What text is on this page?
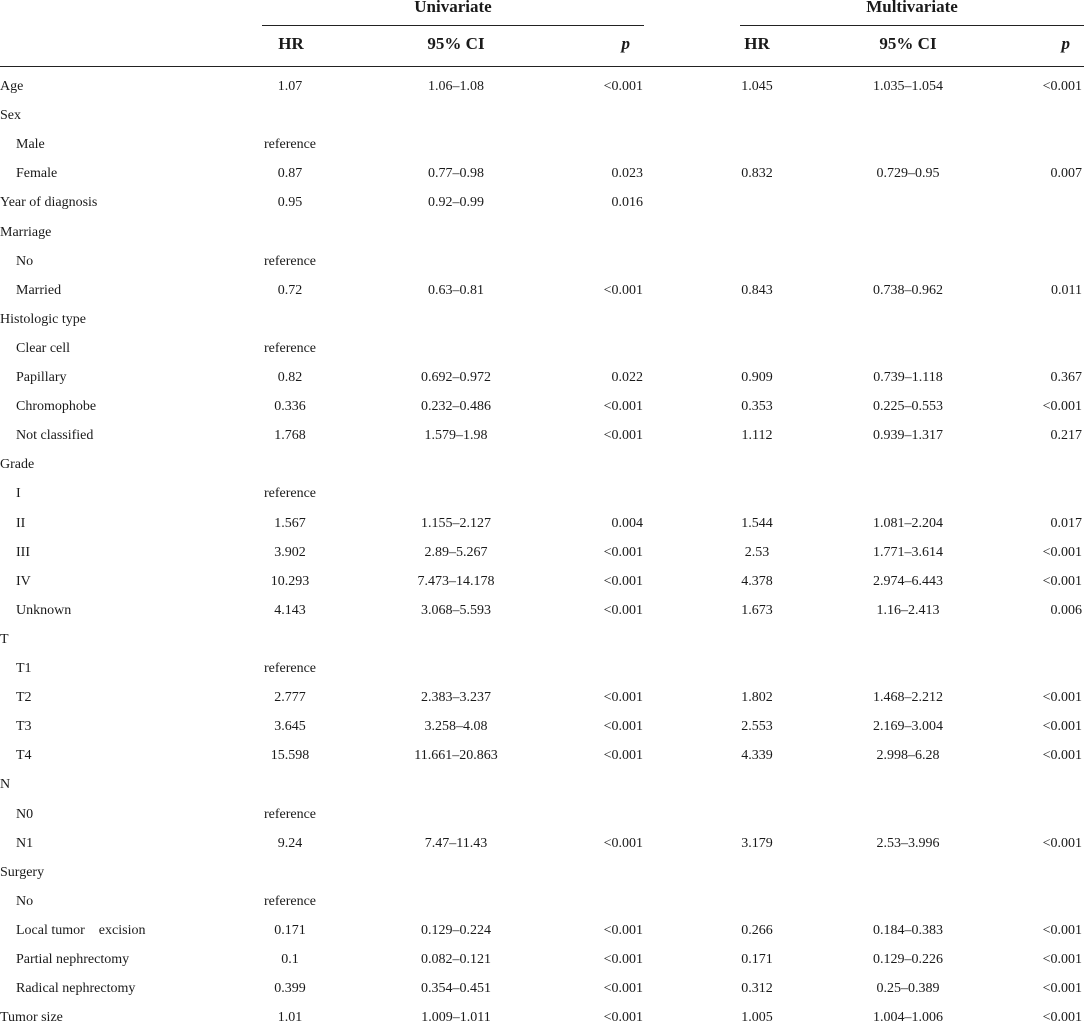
Univariate	Multivariate
HR	95% CI	p	HR	95% CI	p
Age	1.07	1.06–1.08	<0.001	1.045	1.035–1.054	<0.001
Sex
Male	reference
Female	0.87	0.77–0.98	0.023	0.832	0.729–0.95	0.007
Year of diagnosis	0.95	0.92–0.99	0.016
Marriage
No	reference
Married	0.72	0.63–0.81	<0.001	0.843	0.738–0.962	0.011
Histologic type
Clear cell	reference
Papillary	0.82	0.692–0.972	0.022	0.909	0.739–1.118	0.367
Chromophobe	0.336	0.232–0.486	<0.001	0.353	0.225–0.553	<0.001
Not classified	1.768	1.579–1.98	<0.001	1.112	0.939–1.317	0.217
Grade
I	reference
II	1.567	1.155–2.127	0.004	1.544	1.081–2.204	0.017
III	3.902	2.89–5.267	<0.001	2.53	1.771–3.614	<0.001
IV	10.293	7.473–14.178	<0.001	4.378	2.974–6.443	<0.001
Unknown	4.143	3.068–5.593	<0.001	1.673	1.16–2.413	0.006
T
T1	reference
T2	2.777	2.383–3.237	<0.001	1.802	1.468–2.212	<0.001
T3	3.645	3.258–4.08	<0.001	2.553	2.169–3.004	<0.001
T4	15.598	11.661–20.863	<0.001	4.339	2.998–6.28	<0.001
N
N0	reference
N1	9.24	7.47–11.43	<0.001	3.179	2.53–3.996	<0.001
Surgery
No	reference
Local tumor    excision	0.171	0.129–0.224	<0.001	0.266	0.184–0.383	<0.001
Partial nephrectomy	0.1	0.082–0.121	<0.001	0.171	0.129–0.226	<0.001
Radical nephrectomy	0.399	0.354–0.451	<0.001	0.312	0.25–0.389	<0.001
Tumor size	1.01	1.009–1.011	<0.001	1.005	1.004–1.006	<0.001
